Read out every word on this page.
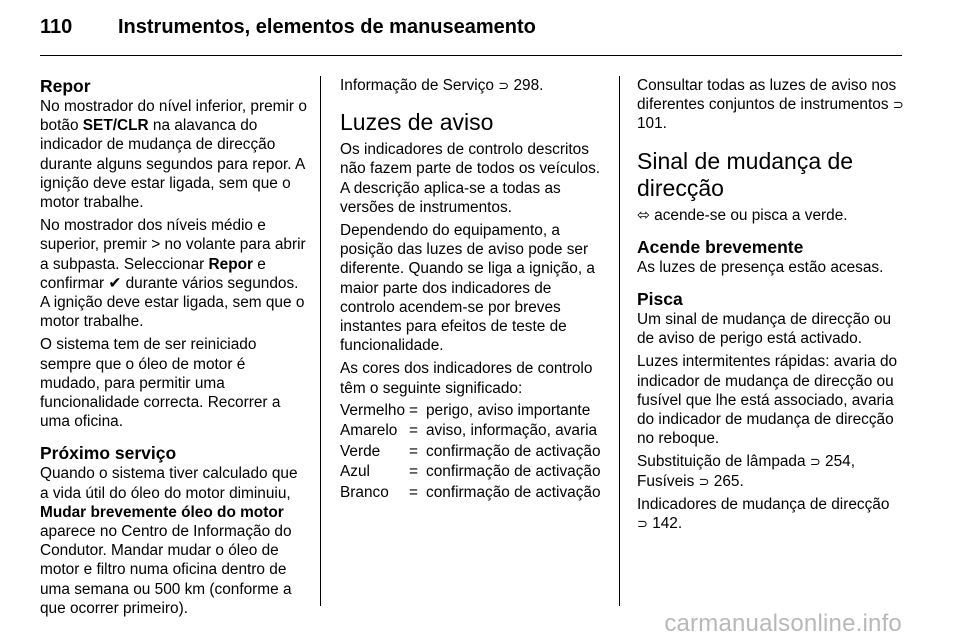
110 Instrumentos, elementos de manuseamento
Repor

No mostrador do nível inferior, premir o botão SET/CLR na alavanca do indicador de mudança de direcção durante alguns segundos para repor. A ignição deve estar ligada, sem que o motor trabalhe.

No mostrador dos níveis médio e superior, premir > no volante para abrir a subpasta. Seleccionar Repor e confirmar ✔ durante vários segundos. A ignição deve estar ligada, sem que o motor trabalhe.

O sistema tem de ser reiniciado sempre que o óleo de motor é mudado, para permitir uma funcionalidade correcta. Recorrer a uma oficina.

Próximo serviço

Quando o sistema tiver calculado que a vida útil do óleo do motor diminuiu, Mudar brevemente óleo do motor aparece no Centro de Informação do Condutor. Mandar mudar o óleo de motor e filtro numa oficina dentro de uma semana ou 500 km (conforme a que ocorrer primeiro).

Informação de Serviço ⊃ 298.

Luzes de aviso

Os indicadores de controlo descritos não fazem parte de todos os veículos. A descrição aplica-se a todas as versões de instrumentos.

Dependendo do equipamento, a posição das luzes de aviso pode ser diferente. Quando se liga a ignição, a maior parte dos indicadores de controlo acendem-se por breves instantes para efeitos de teste de funcionalidade.

As cores dos indicadores de controlo têm o seguinte significado:

Vermelho	=	perigo, aviso importante
Amarelo	=	aviso, informação, avaria
Verde	=	confirmação de activação
Azul	=	confirmação de activação
Branco	=	confirmação de activação

Consultar todas as luzes de aviso nos diferentes conjuntos de instrumentos ⊃ 101.

Sinal de mudança de direcção

⬄ acende-se ou pisca a verde.

Acende brevemente

As luzes de presença estão acesas.

Pisca

Um sinal de mudança de direcção ou de aviso de perigo está activado.

Luzes intermitentes rápidas: avaria do indicador de mudança de direcção ou fusível que lhe está associado, avaria do indicador de mudança de direcção no reboque.

Substituição de lâmpada ⊃ 254,
Fusíveis ⊃ 265.

Indicadores de mudança de direcção
⊃ 142.

carmanualsonline.info
